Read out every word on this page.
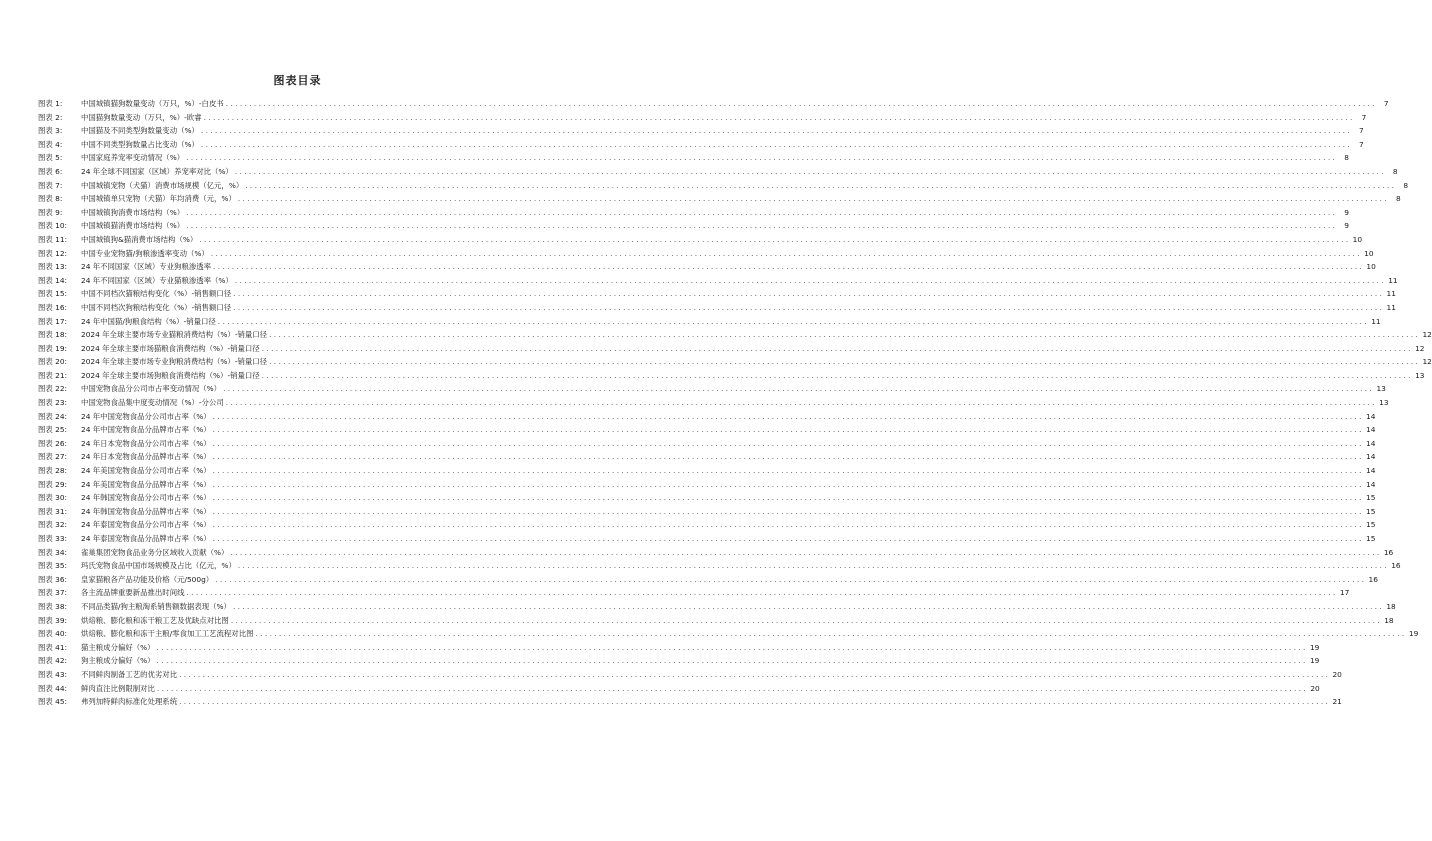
图表目录
图表 1:	中国城镇猫狗数量变动（万只，%）-白皮书 . . .	7
图表 2:	中国猫狗数量变动（万只，%）-欧睿 . . .	7
图表 3:	中国猫及不同类型狗数量变动（%） . . .	7
图表 4:	中国不同类型狗数量占比变动（%） . . .	7
图表 5:	中国家庭养宠率变动情况（%） . . .	8
图表 6:	24 年全球不同国家（区域）养宠率对比（%） . . .	8
图表 7:	中国城镇宠物（犬猫）消费市场规模（亿元，%） . . .	8
图表 8:	中国城镇单只宠物（犬猫）年均消费（元，%） . . .	8
图表 9:	中国城镇狗消费市场结构（%） . . .	9
图表 10:	中国城镇猫消费市场结构（%） . . .	9
图表 11:	中国城镇狗&猫消费市场结构（%） . . .	10
图表 12:	中国专业宠物猫/狗粮渗透率变动（%） . . .	10
图表 13:	24 年不同国家（区域）专业狗粮渗透率 . . .	10
图表 14:	24 年不同国家（区域）专业猫粮渗透率（%） . . .	11
图表 15:	中国不同档次猫粮结构变化（%）-销售额口径 . . .	11
图表 16:	中国不同档次狗粮结构变化（%）-销售额口径 . . .	11
图表 17:	24 年中国猫/狗粮食结构（%）-销量口径 . . .	11
图表 18:	2024 年全球主要市场专业猫粮消费结构（%）-销量口径 . . .	12
图表 19:	2024 年全球主要市场猫粮食消费结构（%）-销量口径 . . .	12
图表 20:	2024 年全球主要市场专业狗粮消费结构（%）-销量口径 . . .	12
图表 21:	2024 年全球主要市场狗粮食消费结构（%）-销量口径 . . .	13
图表 22:	中国宠物食品分公司市占率变动情况（%） . . .	13
图表 23:	中国宠物食品集中度变动情况（%）-分公司 . . .	13
图表 24:	24 年中国宠物食品分公司市占率（%） . . .	14
图表 25:	24 年中国宠物食品分品牌市占率（%） . . .	14
图表 26:	24 年日本宠物食品分公司市占率（%） . . .	14
图表 27:	24 年日本宠物食品分品牌市占率（%） . . .	14
图表 28:	24 年美国宠物食品分公司市占率（%） . . .	14
图表 29:	24 年美国宠物食品分品牌市占率（%） . . .	14
图表 30:	24 年韩国宠物食品分公司市占率（%） . . .	15
图表 31:	24 年韩国宠物食品分品牌市占率（%） . . .	15
图表 32:	24 年泰国宠物食品分公司市占率（%） . . .	15
图表 33:	24 年泰国宠物食品分品牌市占率（%） . . .	15
图表 34:	雀巢集团宠物食品业务分区域收入贡献（%） . . .	16
图表 35:	玛氏宠物食品中国市场规模及占比（亿元，%） . . .	16
图表 36:	皇家猫粮各产品功能及价格（元/500g） . . .	16
图表 37:	各主流品牌重要新品推出时间线 . . .	17
图表 38:	不同品类猫/狗主粮淘系销售额数据表现（%） . . .	18
图表 39:	烘焙粮、膨化粮和冻干粮工艺及优缺点对比图 . . .	18
图表 40:	烘焙粮、膨化粮和冻干主粮/零食加工工艺流程对比图 . . .	19
图表 41:	猫主粮成分偏好（%） . . .	19
图表 42:	狗主粮成分偏好（%） . . .	19
图表 43:	不同鲜肉制备工艺的优劣对比 . . .	20
图表 44:	鲜肉直注比例限制对比 . . .	20
图表 45:	弗列加特鲜肉标准化处理系统 . . .	21
